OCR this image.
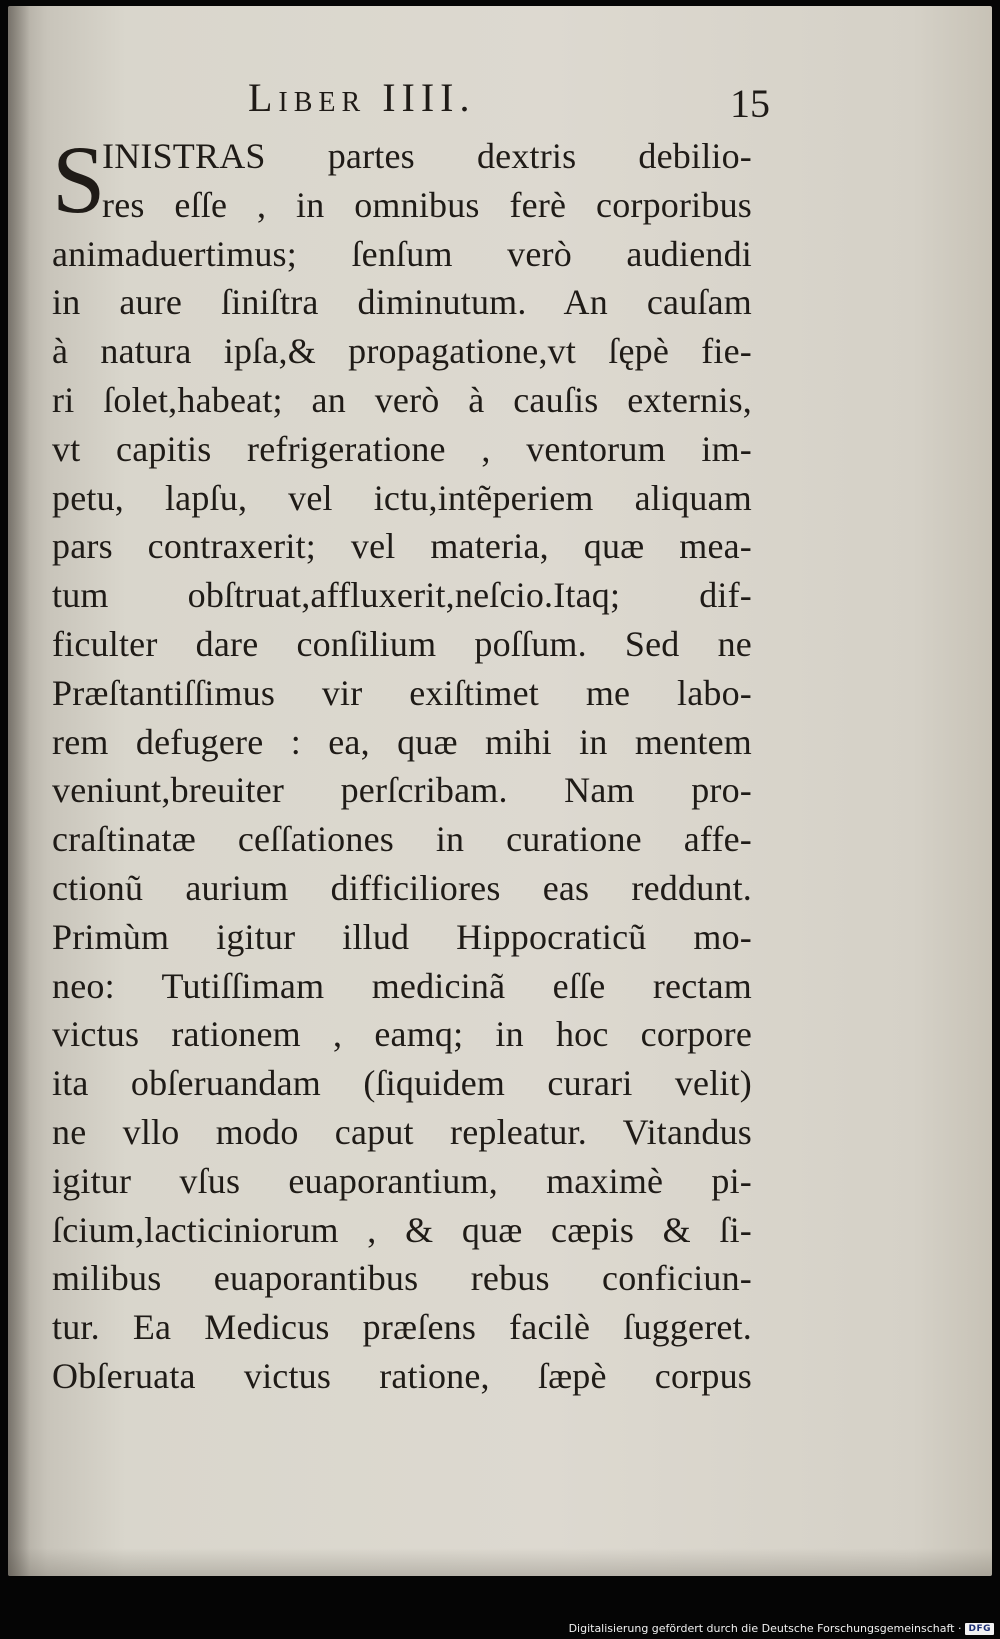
Liber IIII.	15
S
INISTRAS partes dextris debilio-
res eſſe , in omnibus ferè corporibus
animaduertimus; ſenſum verò audiendi
in aure ſiniſtra diminutum. An cauſam
à natura ipſa,& propagatione,vt ſępè fie-
ri ſolet,habeat; an verò à cauſis externis,
vt capitis refrigeratione , ventorum im-
petu, lapſu, vel ictu,intẽperiem aliquam
pars contraxerit; vel materia, quæ mea-
tum obſtruat,affluxerit,neſcio.Itaq; dif-
ficulter dare conſilium poſſum. Sed ne
Præſtantiſſimus vir exiſtimet me labo-
rem defugere : ea, quæ mihi in mentem
veniunt,breuiter perſcribam. Nam pro-
craſtinatæ ceſſationes in curatione affe-
ctionũ aurium difficiliores eas reddunt.
Primùm igitur illud Hippocraticũ mo-
neo: Tutiſſimam medicinã eſſe rectam
victus rationem , eamq; in hoc corpore
ita obſeruandam (ſiquidem curari velit)
ne vllo modo caput repleatur. Vitandus
igitur vſus euaporantium, maximè pi-
ſcium,lacticiniorum , & quæ cæpis & ſi-
milibus euaporantibus rebus conficiun-
tur. Ea Medicus præſens facilè ſuggeret.
Obſeruata victus ratione, ſæpè corpus
Digitalisierung gefördert durch die Deutsche Forschungsgemeinschaft · DFG
